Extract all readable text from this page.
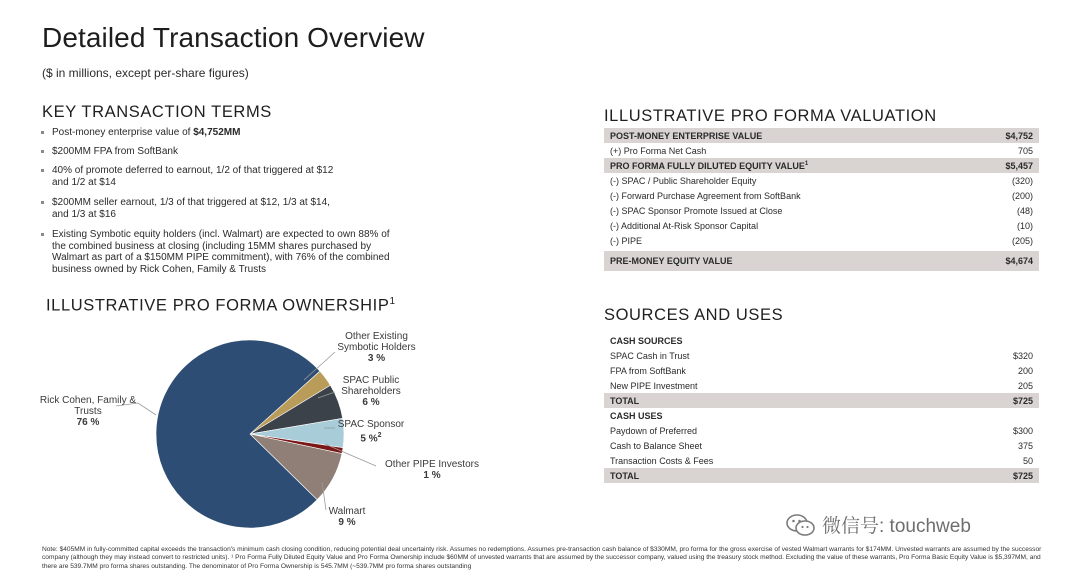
Detailed Transaction Overview
($ in millions, except per-share figures)
KEY TRANSACTION TERMS
Post-money enterprise value of $4,752MM
$200MM FPA from SoftBank
40% of promote deferred to earnout, 1/2 of that triggered at $12
and 1/2 at $14
$200MM seller earnout, 1/3 of that triggered at $12, 1/3 at $14,
and 1/3 at $16
Existing Symbotic equity holders (incl. Walmart) are expected to own 88% of
the combined business at closing (including 15MM shares purchased by
Walmart as part of a $150MM PIPE commitment), with 76% of the combined
business owned by Rick Cohen, Family & Trusts
ILLUSTRATIVE PRO FORMA OWNERSHIP$^1$
Other Existing
Symbotic Holders
3 %
SPAC Public
Shareholders
6 %
SPAC Sponsor
5 %$^2$
Other PIPE Investors
1 %
Walmart
9 %
Rick Cohen, Family &
Trusts
76 %
ILLUSTRATIVE PRO FORMA VALUATION
POST-MONEY ENTERPRISE VALUE	$4,752
(+) Pro Forma Net Cash	705
PRO FORMA FULLY DILUTED EQUITY VALUE$^1$	$5,457
(-) SPAC / Public Shareholder Equity	(320)
(-) Forward Purchase Agreement from SoftBank	(200)
(-) SPAC Sponsor Promote Issued at Close	(48)
(-) Additional At-Risk Sponsor Capital	(10)
(-) PIPE	(205)
PRE-MONEY EQUITY VALUE	$4,674
SOURCES AND USES
CASH SOURCES	
SPAC Cash in Trust	$320
FPA from SoftBank	200
New PIPE Investment	205
TOTAL	$725
CASH USES	
Paydown of Preferred	$300
Cash to Balance Sheet	375
Transaction Costs & Fees	50
TOTAL	$725
微信号: touchweb
Note: $405MM in fully-committed capital exceeds the transaction's minimum cash closing condition, reducing potential deal uncertainty risk. Assumes no redemptions. Assumes pre-transaction cash balance of $330MM, pro forma for the gross exercise of vested Walmart warrants for $174MM. Unvested warrants are assumed by the successor company (although they may instead convert to restricted units). ¹ Pro Forma Fully Diluted Equity Value and Pro Forma Ownership include $60MM of unvested warrants that are assumed by the successor company, valued using the treasury stock method. Excluding the value of these warrants, Pro Forma Basic Equity Value is $5,397MM, and there are 539.7MM pro forma shares outstanding. The denominator of Pro Forma Ownership is 545.7MM (~539.7MM pro forma shares outstanding
